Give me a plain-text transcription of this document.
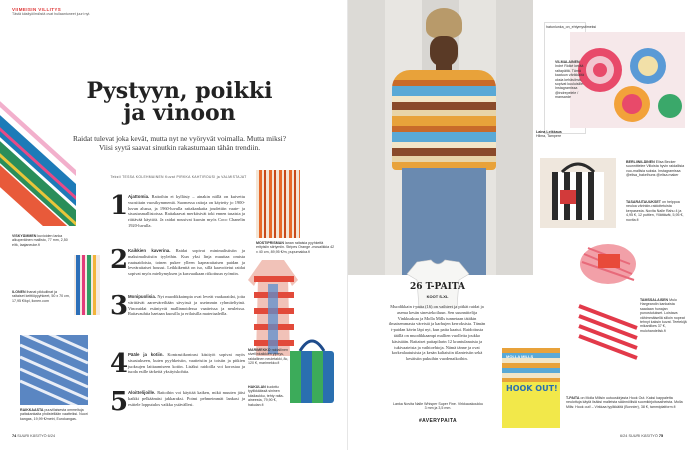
VIIMEISIN VILLITYS
Tästä käsityöilmiöstä ovat hullaantuneet juuri nyt.
VISKYÄMMEN kuvioiden lanka alkuperäinen mallisto, 77 mm, 2,50 e/tk, laajaneuke.fi
ILONEN ihanat pikkuliinat ja raitaiset keittiöpyyhkeet, 50 x 70 cm, 17,95 €/kpl, ilonen.com
RAIKKAASTA puuvillaisesta ommeltuja paitakankaita yhdistellään vaatteiksi. Nuori kangas, 19,99 €/metri, Eurokangas.
Pystyyn, poikki ja vinoon
Raidat tulevat joka kevät, mutta nyt ne vyöryvät voimalla. Mutta miksi? Viisi syytä saavat sinutkin rakastumaan tähän trendiin.
Teksti TESSA KOLEHMAINEN Kuvat PIRKKA KAHTIROUSI ja VALMISTAJAT
1 Ajattomia. Raitoihin ei kyllästy – ainakin niillä on kuivettu vuosittain vuosikymmeniä. Suomessa raitoja on käytetty jo 1900-luvun alussa, ja 1960-luvulla raitakankaita joudettiin vaate- ja sisustusmallistoissa. Raitakaavat merkitsivät toki ennen tasaista ja riittävää käyttöä. Ja raidat nousivat kuosin myös Coco Chanelin 1920-luvulla.
2 Kaikkien kaverina. Raidat sopivat minimalistisiin ja maksimalistisiin tyyleihin. Kun yksi linja muuttaa omista ruutuaidoista, toinen pukee ylleen kapearaitaisen paidan ja leveäraitaiset housut. Leikkikenttä on iso, sillä kaavoitetut raidat sopivat myös mieltymyksen ja kasvuaikaan riikottuun ryömiin.
3 Monipuolisia. Nyt muodikkaimpia ovat leveät vaakaraidat, joita värittävät aarreväreiltään sävyissä ja useimmin ryhmiteltyinä. Vinoraidat esiintyvät mallinnoidessa vaatteissa ja neuleissa. Raitavauhtia haetaan kuosilla ja erilaisilla materiaaleilla.
4 Pääle ja kotiin. Kontrastikontrast käsityöt sopivat myös sisustukseen, kuten pyyhkeisiin, vaatteisiin ja toisiin ja pitkien juoksujen laittaamiseen kotiin. Lisäksi raidoilla voi korostaa ja tuoda esille tärkeitä yksityiskohtia.
5 Aloittelijoille. Raitoihin voi käyttää kaiken, mikä muuten jäisi kaikki pelkäämäsi jakkaraksi. Poimi pehmeimmät lankasi ja esittele lopputulos vaikka ystävällesi.
MOSTIPRISMAN lanan raitaisia pyyhkeitä erityisiin siirtymiin. Stripes Orange -mosaiikkia 42 x 40 cm, 89,95 €/m, pupumakka.fi
MARIMEKKO raidallinen sivellinkaikkien ylpeys, raidallinen neuletakki, 8c, 120 €, marimekko.fi
HAKULAN kudottu tyylikkäässä sininen käsilaukku, tehty raita-aineesta, 79,90 €, hakulan.fi
74 SUURI KÄSITYÖ 6/24
hatunlunka_on_ehtymystimeksi
Laina Leikkaus
Hilma, Tampere
VILMALAINEN Indré Ridkė kerää raitapäitä. Tämä kaatuun värikkäitä oksia kehäsilmä, sopivat kuuluisille. Instagramissa @indrepelele / mansarde
BERLIINILÄINEN Elisa Becker suunnittelee Villoista hyvin raidallisia vuo-mallisia suksia. Instagramissa @elisa_bakelhuns @elisa.maker
TASARAITAUUKSET on helppoa neuloa värinkin-raidoitetuista kerpasesta. Novita Nalle Rahu 4 ja 4,95 €, 12 puttien, Yllättävät, 5,95 €, novita.fi
TAMSSALAISEN Mulo Hargeandin kankaista saadaan hunajan punostulukset. Loistava vähimmäisellä silloin nopeat tehnyt kaksin kuvat. Teetekijä mikanlikes 37 €, mulohandelisk.fi
26 T-PAITA
KOOT S-XL
Muodikkain t-paita (16) on vaihteet ja pitkät raidat ja asema kesän sinestekoiluun. Sen suunnittelija Vinkkuskuu ja Molla Mills tunnetaan tätäkin ilmaisemmasta väreistä ja karhujen kerroksista. Tämän t-paidan kävin läpi nyt, kun paita kaatui. Raidoitusta täällä on muodikkaampi mallien vuolleita joukko käsistään. Raitaiset paitapilarin 12 krantulanaista ja tukivaateista ja vaihtoehtoja. Nämä tänne ja ovat korkealaatuisista ja kesän kaltaisiin tilanteisiin sekä kesäisiin pukuihin vuodenaikoihin.
Lanka Novita Nalle Whisper Super Fine. Virkkauskoukku 3 mm ja 3,5 mm.
#AVERYPAITA
HOOK OUT!
MOLLA MILLS
T-PAITA on Molla Millsin uutuuskirjasta Hook Out. Kaksi kappaletta neulottuja käytä lisäksi malleista säännöllisiä suomikirjoitusaiheista. Molla Mills: Hook out! – Virkkaa tyylikkäitä (Bonnier), 38 €, tammiplatform.fi
6/24 SUURI KÄSITYÖ 75
